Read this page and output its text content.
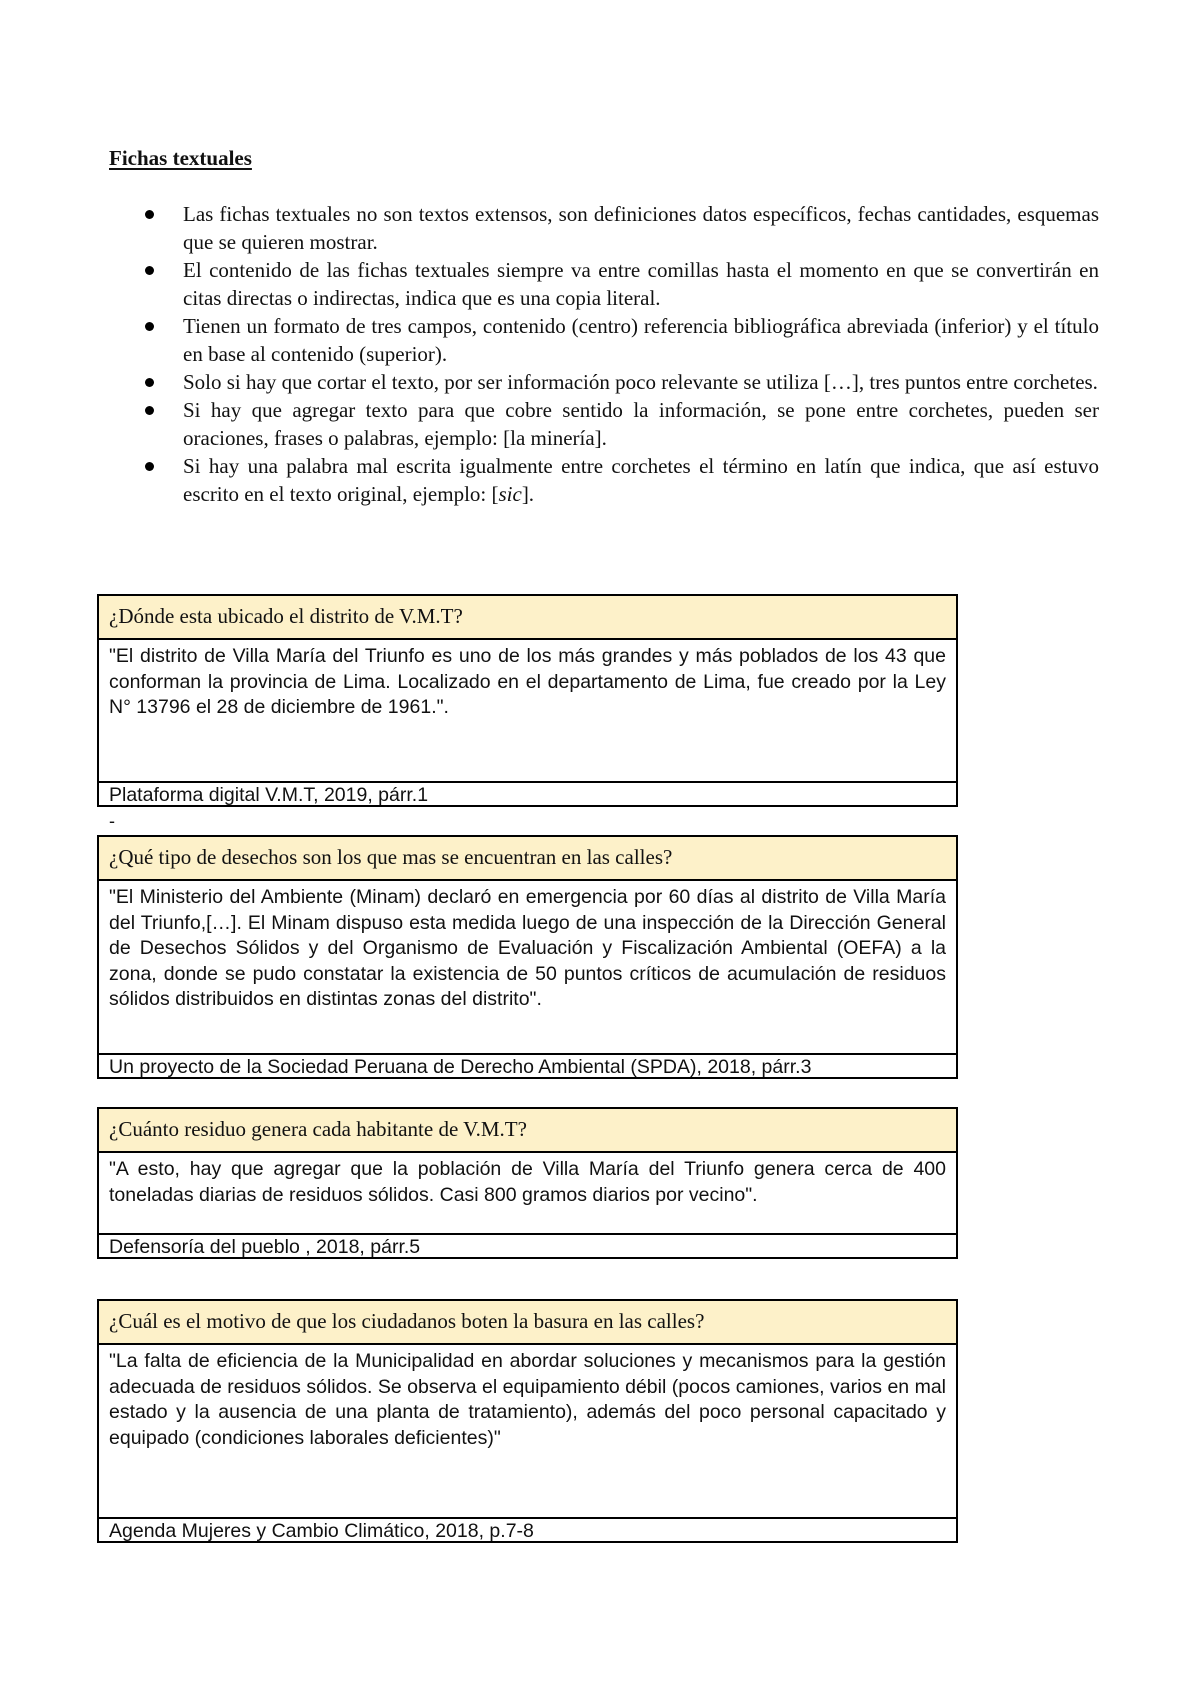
Fichas textuales
Las fichas textuales no son textos extensos, son definiciones datos específicos, fechas cantidades, esquemas que se quieren mostrar.
El contenido de las fichas textuales siempre va entre comillas hasta el momento en que se convertirán en citas directas o indirectas, indica que es una copia literal.
Tienen un formato de tres campos, contenido (centro) referencia bibliográfica abreviada (inferior) y el título en base al contenido (superior).
Solo si hay que cortar el texto, por ser información poco relevante se utiliza […], tres puntos entre corchetes.
Si hay que agregar texto para que cobre sentido la información, se pone entre corchetes, pueden ser oraciones, frases o palabras, ejemplo: [la minería].
Si hay una palabra mal escrita igualmente entre corchetes el término en latín que indica, que así estuvo escrito en el texto original, ejemplo: [sic].
¿Dónde esta ubicado el distrito de V.M.T?
"El distrito de Villa María del Triunfo es uno de los más grandes y más poblados de los 43 que conforman la provincia de Lima. Localizado en el departamento de Lima, fue creado por la Ley N° 13796 el 28 de diciembre de 1961.".
Plataforma digital V.M.T, 2019, párr.1
-
¿Qué tipo de desechos son los que mas se encuentran en las calles?
"El Ministerio del Ambiente (Minam) declaró en emergencia por 60 días al distrito de Villa María del Triunfo,[…]. El Minam dispuso esta medida luego de una inspección de la Dirección General de Desechos Sólidos y del Organismo de Evaluación y Fiscalización Ambiental (OEFA) a la zona, donde se pudo constatar la existencia de 50 puntos críticos de acumulación de residuos sólidos distribuidos en distintas zonas del distrito".
Un proyecto de la Sociedad Peruana de Derecho Ambiental (SPDA), 2018, párr.3
¿Cuánto residuo genera cada habitante de V.M.T?
"A esto, hay que agregar que la población de Villa María del Triunfo genera cerca de 400 toneladas diarias de residuos sólidos. Casi 800 gramos diarios por vecino".
Defensoría del pueblo , 2018, párr.5
¿Cuál es el motivo de que los ciudadanos boten la basura en las calles?
"La falta de eficiencia de la Municipalidad en abordar soluciones y mecanismos para la gestión adecuada de residuos sólidos. Se observa el equipamiento débil (pocos camiones, varios en mal estado y la ausencia de una planta de tratamiento), además del poco personal capacitado y equipado (condiciones laborales deficientes)"
Agenda Mujeres y Cambio Climático, 2018, p.7-8
